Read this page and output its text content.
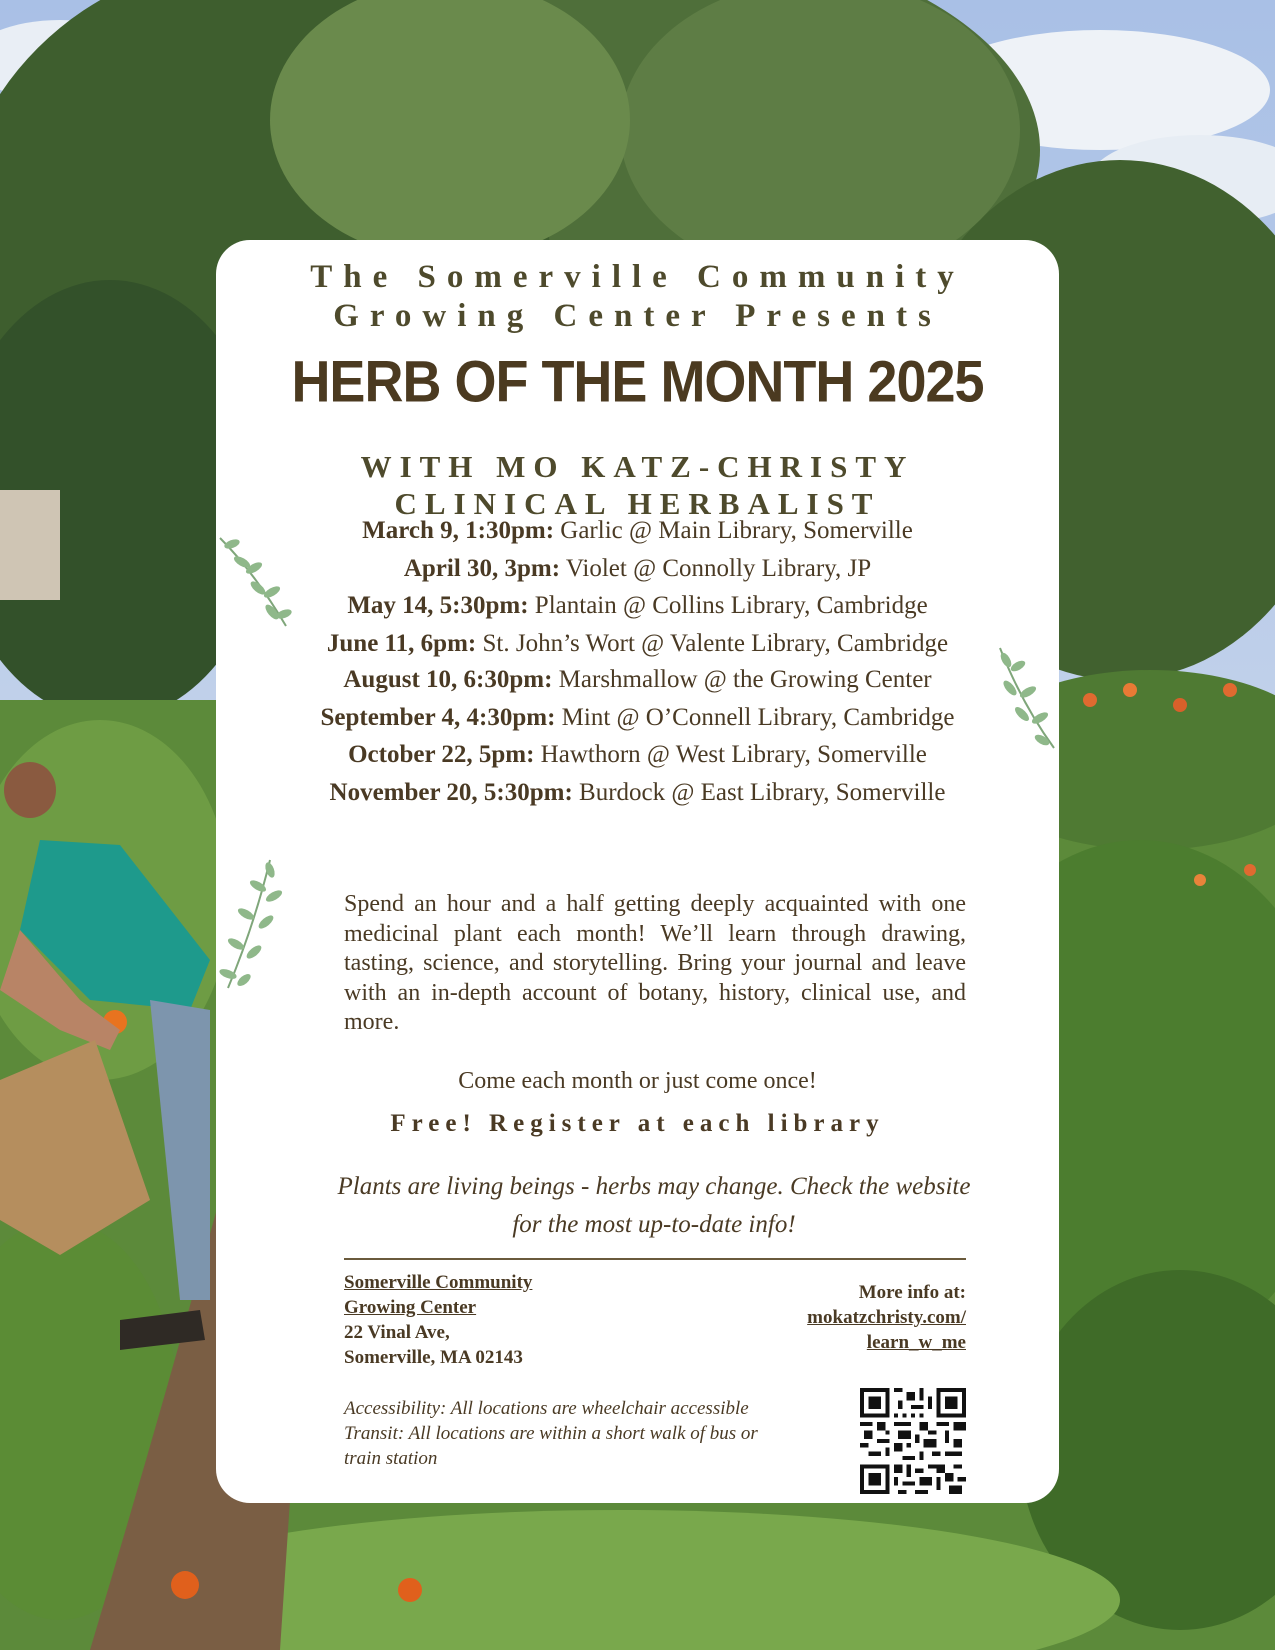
The Somerville Community
Growing Center Presents
HERB OF THE MONTH 2025
WITH MO KATZ-CHRISTY
CLINICAL HERBALIST
March 9, 1:30pm: Garlic @ Main Library, Somerville
April 30, 3pm: Violet @ Connolly Library, JP
May 14, 5:30pm: Plantain @ Collins Library, Cambridge
June 11, 6pm: St. John’s Wort @ Valente Library, Cambridge
August 10, 6:30pm: Marshmallow @ the Growing Center
September 4, 4:30pm: Mint @ O’Connell Library, Cambridge
October 22, 5pm: Hawthorn @ West Library, Somerville
November 20, 5:30pm: Burdock @ East Library, Somerville
Spend an hour and a half getting deeply acquainted with one medicinal plant each month! We’ll learn through drawing, tasting, science, and storytelling. Bring your journal and leave with an in-depth account of botany, history, clinical use, and more.
Come each month or just come once!
Free! Register at each library
Plants are living beings - herbs may change. Check the website for the most up-to-date info!
Somerville Community
Growing Center
22 Vinal Ave,
Somerville, MA 02143
More info at:
mokatzchristy.com/
learn_w_me
Accessibility: All locations are wheelchair accessible
Transit: All locations are within a short walk of bus or train station
